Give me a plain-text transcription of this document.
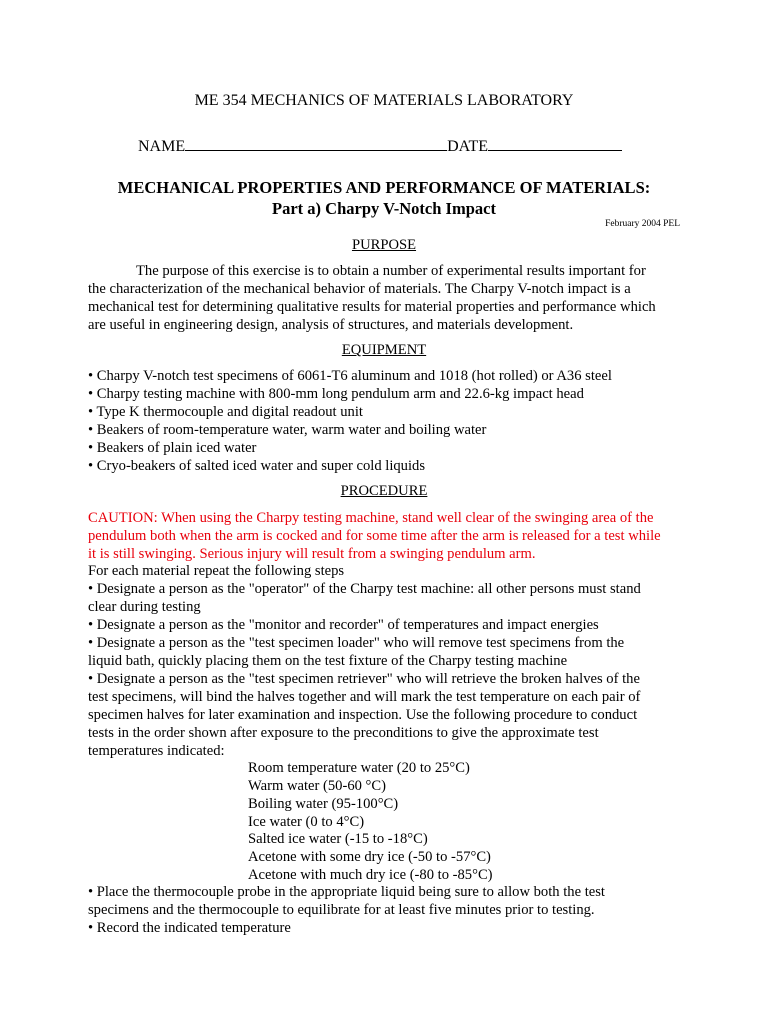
ME 354 MECHANICS OF MATERIALS LABORATORY
NAME	DATE
MECHANICAL PROPERTIES AND PERFORMANCE OF MATERIALS:
Part a) Charpy V-Notch Impact
February 2004 PEL
PURPOSE
The purpose of this exercise is to obtain a number of experimental results important for
the characterization of the mechanical behavior of materials. The Charpy V-notch impact is a
mechanical test for determining qualitative results for material properties and performance which
are useful in engineering design, analysis of structures, and materials development.
EQUIPMENT
• Charpy V-notch test specimens of 6061-T6 aluminum and 1018 (hot rolled) or A36 steel
• Charpy testing machine with 800-mm long pendulum arm and 22.6-kg impact head
• Type K thermocouple and digital readout unit
• Beakers of room-temperature water, warm water and boiling water
• Beakers of plain iced water
• Cryo-beakers of salted iced water and super cold liquids
PROCEDURE
CAUTION: When using the Charpy testing machine, stand well clear of the swinging area of the
pendulum both when the arm is cocked and for some time after the arm is released for a test while
it is still swinging. Serious injury will result from a swinging pendulum arm.
For each material repeat the following steps
• Designate a person as the "operator" of the Charpy test machine: all other persons must stand
clear during testing
• Designate a person as the "monitor and recorder" of temperatures and impact energies
• Designate a person as the "test specimen loader" who will remove test specimens from the
liquid bath, quickly placing them on the test fixture of the Charpy testing machine
• Designate a person as the "test specimen retriever" who will retrieve the broken halves of the
test specimens, will bind the halves together and will mark the test temperature on each pair of
specimen halves for later examination and inspection. Use the following procedure to conduct
tests in the order shown after exposure to the preconditions to give the approximate test
temperatures indicated:
Room temperature water (20 to 25°C)
Warm water (50-60 °C)
Boiling water (95-100°C)
Ice water (0 to 4°C)
Salted ice water (-15 to -18°C)
Acetone with some dry ice (-50 to -57°C)
Acetone with much dry ice (-80 to -85°C)
• Place the thermocouple probe in the appropriate liquid being sure to allow both the test
specimens and the thermocouple to equilibrate for at least five minutes prior to testing.
• Record the indicated temperature
